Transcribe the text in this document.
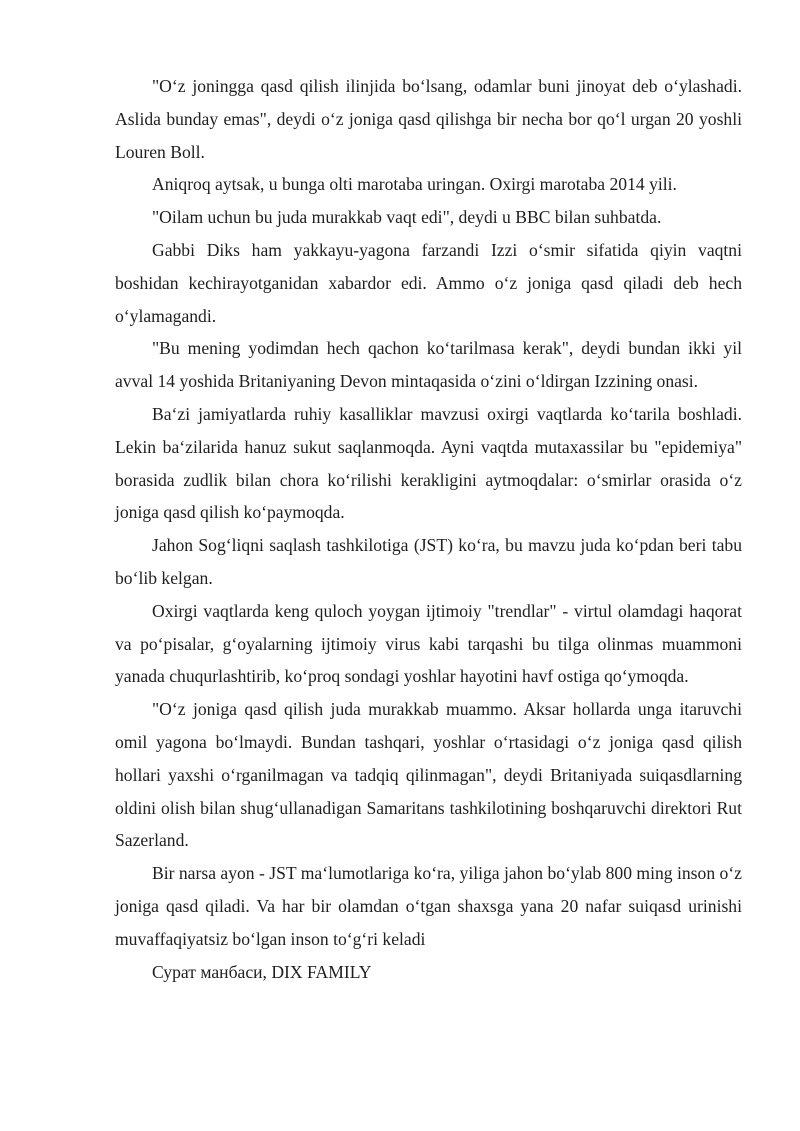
"O‘z joningga qasd qilish ilinjida bo‘lsang, odamlar buni jinoyat deb o‘ylashadi. Aslida bunday emas", deydi o‘z joniga qasd qilishga bir necha bor qo‘l urgan 20 yoshli Louren Boll.

Aniqroq aytsak, u bunga olti marotaba uringan. Oxirgi marotaba 2014 yili.

"Oilam uchun bu juda murakkab vaqt edi", deydi u BBC bilan suhbatda.

Gabbi Diks ham yakkayu-yagona farzandi Izzi o‘smir sifatida qiyin vaqtni boshidan kechirayotganidan xabardor edi. Ammo o‘z joniga qasd qiladi deb hech o‘ylamagandi.

"Bu mening yodimdan hech qachon ko‘tarilmasa kerak", deydi bundan ikki yil avval 14 yoshida Britaniyaning Devon mintaqasida o‘zini o‘ldirgan Izzining onasi.

Ba‘zi jamiyatlarda ruhiy kasalliklar mavzusi oxirgi vaqtlarda ko‘tarila boshladi. Lekin ba‘zilarida hanuz sukut saqlanmoqda. Ayni vaqtda mutaxassilar bu "epidemiya" borasida zudlik bilan chora ko‘rilishi kerakligini aytmoqdalar: o‘smirlar orasida o‘z joniga qasd qilish ko‘paymoqda.

Jahon Sog‘liqni saqlash tashkilotiga (JST) ko‘ra, bu mavzu juda ko‘pdan beri tabu bo‘lib kelgan.

Oxirgi vaqtlarda keng quloch yoygan ijtimoiy "trendlar" - virtul olamdagi haqorat va po‘pisalar, g‘oyalarning ijtimoiy virus kabi tarqashi bu tilga olinmas muammoni yanada chuqurlashtirib, ko‘proq sondagi yoshlar hayotini havf ostiga qo‘ymoqda.

"O‘z joniga qasd qilish juda murakkab muammo. Aksar hollarda unga itaruvchi omil yagona bo‘lmaydi. Bundan tashqari, yoshlar o‘rtasidagi o‘z joniga qasd qilish hollari yaxshi o‘rganilmagan va tadqiq qilinmagan", deydi Britaniyada suiqasdlarning oldini olish bilan shug‘ullanadigan Samaritans tashkilotining boshqaruvchi direktori Rut Sazerland.

Bir narsa ayon - JST ma‘lumotlariga ko‘ra, yiliga jahon bo‘ylab 800 ming inson o‘z joniga qasd qiladi. Va har bir olamdan o‘tgan shaxsga yana 20 nafar suiqasd urinishi muvaffaqiyatsiz bo‘lgan inson to‘g‘ri keladi

Сурат манбаси, DIX FAMILY
